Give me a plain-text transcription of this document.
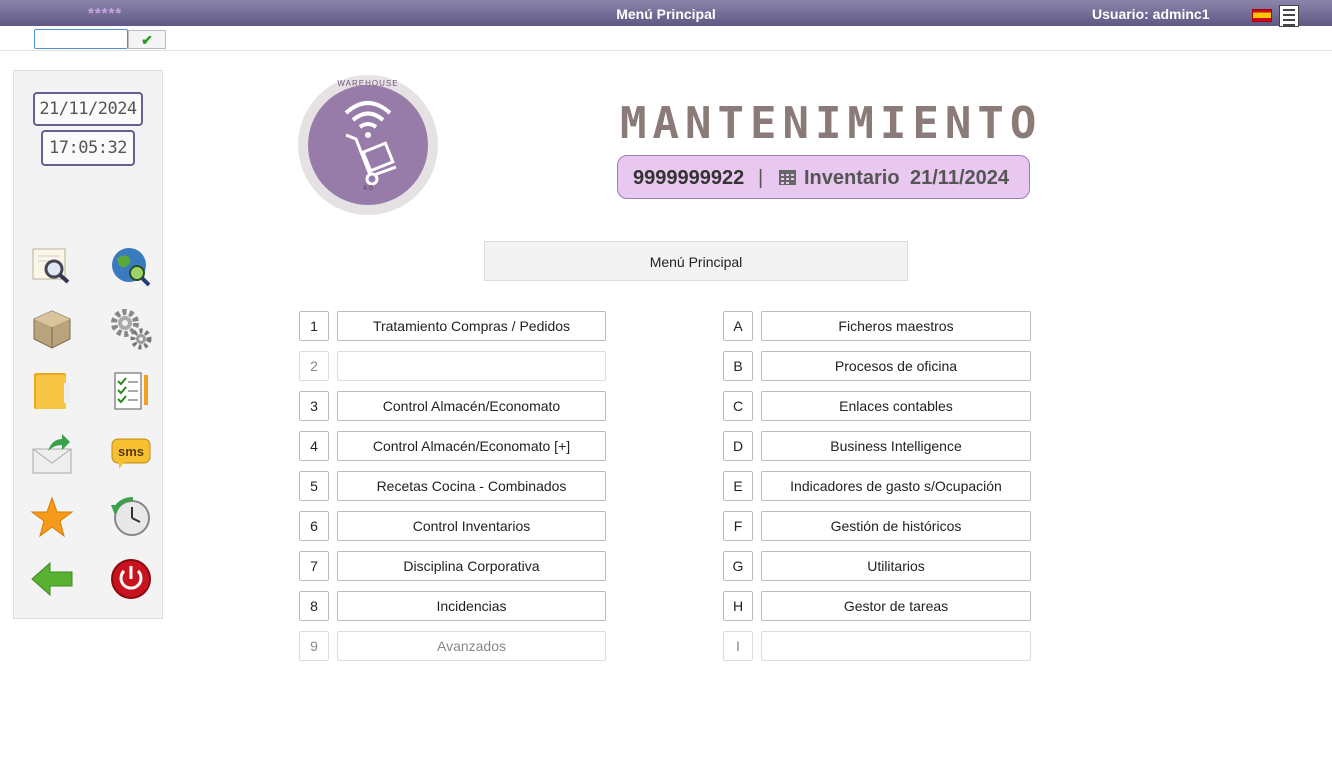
*****	Menú Principal	Usuario: adminc1
✔
21/11/2024
17:05:32
sms
WAREHOUSE
4.0
MANTENIMIENTO
9999999922 | Inventario 21/11/2024
Menú Principal
1	Tratamiento Compras / Pedidos
2
3	Control Almacén/Economato
4	Control Almacén/Economato [+]
5	Recetas Cocina - Combinados
6	Control Inventarios
7	Disciplina Corporativa
8	Incidencias
9	Avanzados
A	Ficheros maestros
B	Procesos de oficina
C	Enlaces contables
D	Business Intelligence
E	Indicadores de gasto s/Ocupación
F	Gestión de históricos
G	Utilitarios
H	Gestor de tareas
I
